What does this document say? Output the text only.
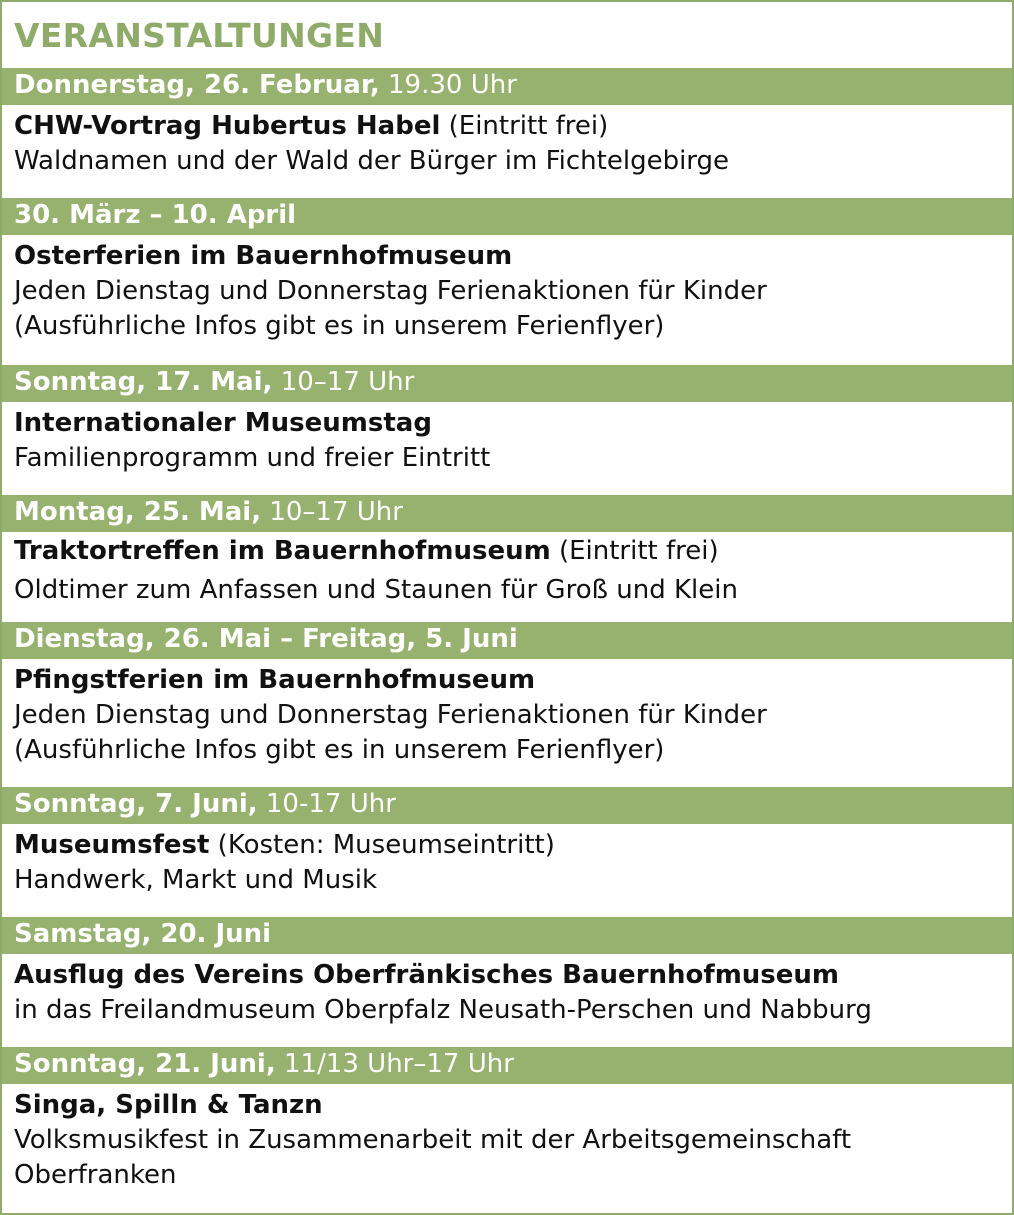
VERANSTALTUNGEN
Donnerstag, 26. Februar, 19.30 Uhr
CHW-Vortrag Hubertus Habel (Eintritt frei)
Waldnamen und der Wald der Bürger im Fichtelgebirge
30. März – 10. April
Osterferien im Bauernhofmuseum
Jeden Dienstag und Donnerstag Ferienaktionen für Kinder
(Ausführliche Infos gibt es in unserem Ferienflyer)
Sonntag, 17. Mai, 10–17 Uhr
Internationaler Museumstag
Familienprogramm und freier Eintritt
Montag, 25. Mai, 10–17 Uhr
Traktortreffen im Bauernhofmuseum (Eintritt frei)
Oldtimer zum Anfassen und Staunen für Groß und Klein
Dienstag, 26. Mai – Freitag, 5. Juni
Pfingstferien im Bauernhofmuseum
Jeden Dienstag und Donnerstag Ferienaktionen für Kinder
(Ausführliche Infos gibt es in unserem Ferienflyer)
Sonntag, 7. Juni, 10-17 Uhr
Museumsfest (Kosten: Museumseintritt)
Handwerk, Markt und Musik
Samstag, 20. Juni
Ausflug des Vereins Oberfränkisches Bauernhofmuseum
in das Freilandmuseum Oberpfalz Neusath-Perschen und Nabburg
Sonntag, 21. Juni, 11/13 Uhr–17 Uhr
Singa, Spilln & Tanzn
Volksmusikfest in Zusammenarbeit mit der Arbeitsgemeinschaft
Oberfranken
